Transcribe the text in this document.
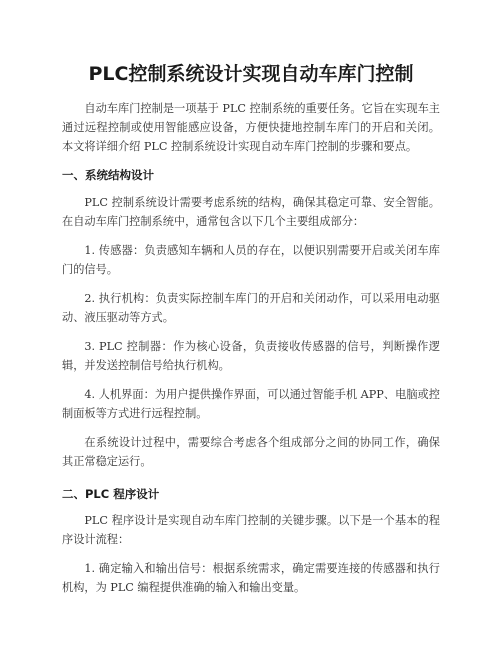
PLC控制系统设计实现自动车库门控制

自动车库门控制是一项基于 PLC 控制系统的重要任务。它旨在实现车主通过远程控制或使用智能感应设备，方便快捷地控制车库门的开启和关闭。本文将详细介绍 PLC 控制系统设计实现自动车库门控制的步骤和要点。

一、系统结构设计

PLC 控制系统设计需要考虑系统的结构，确保其稳定可靠、安全智能。在自动车库门控制系统中，通常包含以下几个主要组成部分：

1. 传感器：负责感知车辆和人员的存在，以便识别需要开启或关闭车库门的信号。

2. 执行机构：负责实际控制车库门的开启和关闭动作，可以采用电动驱动、液压驱动等方式。

3. PLC 控制器：作为核心设备，负责接收传感器的信号，判断操作逻辑，并发送控制信号给执行机构。

4. 人机界面：为用户提供操作界面，可以通过智能手机 APP、电脑或控制面板等方式进行远程控制。

在系统设计过程中，需要综合考虑各个组成部分之间的协同工作，确保其正常稳定运行。

二、PLC 程序设计

PLC 程序设计是实现自动车库门控制的关键步骤。以下是一个基本的程序设计流程：

1. 确定输入和输出信号：根据系统需求，确定需要连接的传感器和执行机构，为 PLC 编程提供准确的输入和输出变量。
